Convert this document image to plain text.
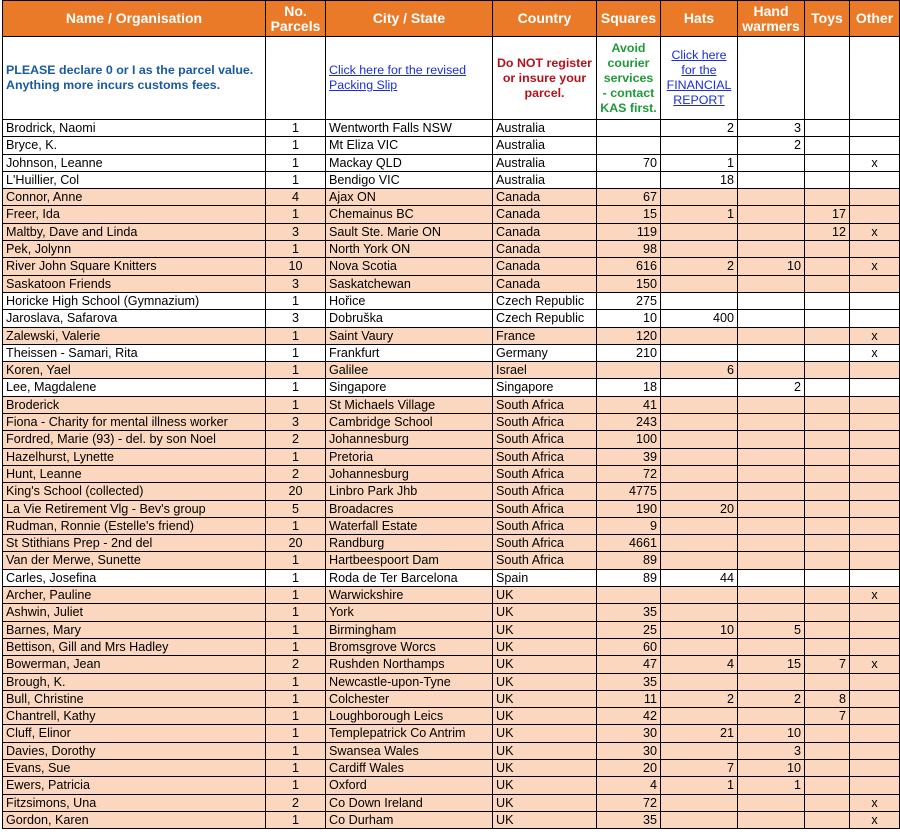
Name / Organisation	No. Parcels	City / State	Country	Squares	Hats	Hand warmers	Toys	Other
PLEASE declare 0 or I as the parcel value. Anything more incurs customs fees.		Click here for the revised Packing Slip	Do NOT register or insure your parcel.	Avoid courier services - contact KAS first.	Click here for the FINANCIAL REPORT			
Brodrick, Naomi	1	Wentworth Falls NSW	Australia		2	3		
Bryce, K.	1	Mt Eliza VIC	Australia			2		
Johnson, Leanne	1	Mackay QLD	Australia	70	1			x
L'Huillier, Col	1	Bendigo VIC	Australia		18			
Connor, Anne	4	Ajax ON	Canada	67				
Freer, Ida	1	Chemainus BC	Canada	15	1		17	
Maltby, Dave and Linda	3	Sault Ste. Marie ON	Canada	119			12	x
Pek, Jolynn	1	North York ON	Canada	98				
River John Square Knitters	10	Nova Scotia	Canada	616	2	10		x
Saskatoon Friends	3	Saskatchewan	Canada	150				
Horicke High School (Gymnazium)	1	Hořice	Czech Republic	275				
Jaroslava, Safarova	3	Dobruška	Czech Republic	10	400			
Zalewski, Valerie	1	Saint Vaury	France	120				x
Theissen - Samari, Rita	1	Frankfurt	Germany	210				x
Koren, Yael	1	Galilee	Israel		6			
Lee, Magdalene	1	Singapore	Singapore	18		2		
Broderick	1	St Michaels Village	South Africa	41				
Fiona - Charity for mental illness worker	3	Cambridge School	South Africa	243				
Fordred, Marie (93) - del. by son Noel	2	Johannesburg	South Africa	100				
Hazelhurst, Lynette	1	Pretoria	South Africa	39				
Hunt, Leanne	2	Johannesburg	South Africa	72				
King's School (collected)	20	Linbro Park Jhb	South Africa	4775				
La Vie Retirement Vlg - Bev's group	5	Broadacres	South Africa	190	20			
Rudman, Ronnie (Estelle's friend)	1	Waterfall Estate	South Africa	9				
St Stithians Prep - 2nd del	20	Randburg	South Africa	4661				
Van der Merwe, Sunette	1	Hartbeespoort Dam	South Africa	89				
Carles, Josefina	1	Roda de Ter Barcelona	Spain	89	44			
Archer, Pauline	1	Warwickshire	UK					x
Ashwin, Juliet	1	York	UK	35				
Barnes, Mary	1	Birmingham	UK	25	10	5		
Bettison, Gill and Mrs Hadley	1	Bromsgrove Worcs	UK	60				
Bowerman, Jean	2	Rushden Northamps	UK	47	4	15	7	x
Brough, K.	1	Newcastle-upon-Tyne	UK	35				
Bull, Christine	1	Colchester	UK	11	2	2	8	
Chantrell, Kathy	1	Loughborough Leics	UK	42			7	
Cluff, Elinor	1	Templepatrick Co Antrim	UK	30	21	10		
Davies, Dorothy	1	Swansea Wales	UK	30		3		
Evans, Sue	1	Cardiff Wales	UK	20	7	10		
Ewers, Patricia	1	Oxford	UK	4	1	1		
Fitzsimons, Una	2	Co Down Ireland	UK	72				x
Gordon, Karen	1	Co Durham	UK	35				x
